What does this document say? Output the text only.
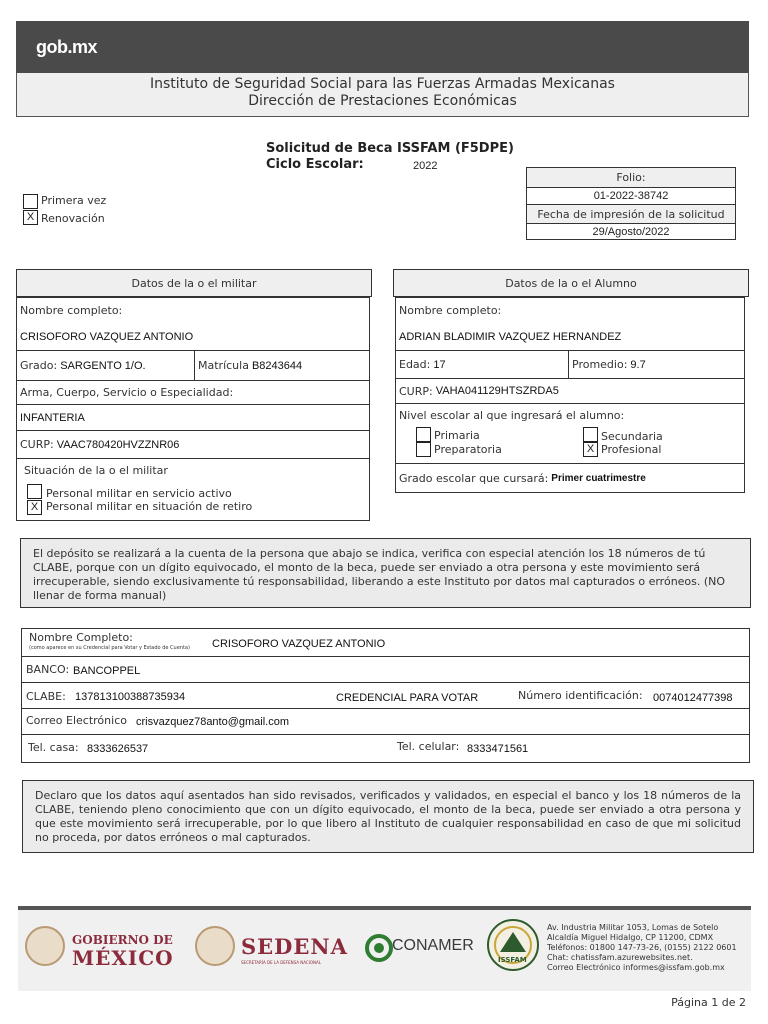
gob.mx
Instituto de Seguridad Social para las Fuerzas Armadas Mexicanas
Dirección de Prestaciones Económicas
Solicitud de Beca ISSFAM (F5DPE)
Ciclo Escolar:	2022
Primera vez
X Renovación
Folio:
01-2022-38742
Fecha de impresión de la solicitud
29/Agosto/2022
Datos de la o el militar
Nombre completo:
CRISOFORO VAZQUEZ ANTONIO
Grado: SARGENTO 1/O.	Matrícula B8243644
Arma, Cuerpo, Servicio o Especialidad:
INFANTERIA
CURP: VAAC780420HVZZNR06
Situación de la o el militar
Personal militar en servicio activo
X Personal militar en situación de retiro
Datos de la o el Alumno
Nombre completo:
ADRIAN BLADIMIR VAZQUEZ HERNANDEZ
Edad: 17	Promedio: 9.7
CURP: VAHA041129HTSZRDA5
Nivel escolar al que ingresará el alumno:
Primaria
Preparatoria
Secundaria
X Profesional
Grado escolar que cursará: Primer cuatrimestre
El depósito se realizará a la cuenta de la persona que abajo se indica, verifica con especial atención los 18 números de tú CLABE, porque con un dígito equivocado, el monto de la beca, puede ser enviado a otra persona y este movimiento será irrecuperable, siendo exclusivamente tú responsabilidad, liberando a este Instituto por datos mal capturados o erróneos. (NO llenar de forma manual)
Nombre Completo:
(como aparece en su Credencial para Votar y Estado de Cuenta) CRISOFORO VAZQUEZ ANTONIO
BANCO: BANCOPPEL
CLABE: 137813100388735934	CREDENCIAL PARA VOTAR	Número identificación: 0074012477398
Correo Electrónico crisvazquez78anto@gmail.com
Tel. casa: 8333626537	Tel. celular: 8333471561
Declaro que los datos aquí asentados han sido revisados, verificados y validados, en especial el banco y los 18 números de la CLABE, teniendo pleno conocimiento que con un dígito equivocado, el monto de la beca, puede ser enviado a otra persona y que este movimiento será irrecuperable, por lo que libero al Instituto de cualquier responsabilidad en caso de que mi solicitud no proceda, por datos erróneos o mal capturados.
GOBIERNO DE
MÉXICO	SEDENA
SECRETARÍA DE LA DEFENSA NACIONAL
CONAMER
ISSFAM
Av. Industria Militar 1053, Lomas de Sotelo
Alcaldía Miguel Hidalgo, CP 11200, CDMX
Teléfonos: 01800 147-73-26, (0155) 2122 0601
Chat: chatissfam.azurewebsites.net.
Correo Electrónico informes@issfam.gob.mx
Página 1 de 2
